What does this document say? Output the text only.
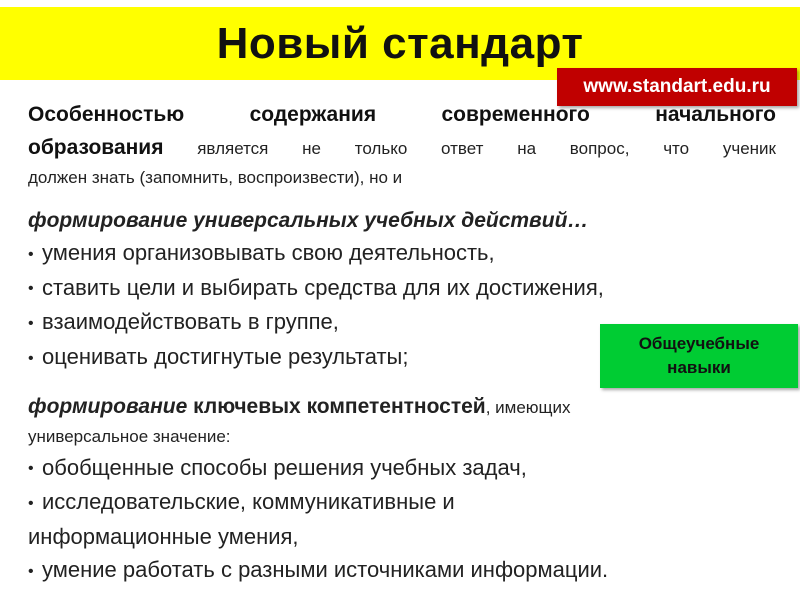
Новый стандарт
www.standart.edu.ru

Особенностью содержания современного начального
образования является не только ответ на вопрос, что ученик
должен знать (запомнить, воспроизвести), но и

формирование универсальных учебных действий…
• умения организовывать свою деятельность,
• ставить цели и выбирать средства для их достижения,
• взаимодействовать в группе,
• оценивать достигнутые результаты;
формирование ключевых компетентностей, имеющих
универсальное значение:
• обобщенные способы решения учебных задач,
• исследовательские, коммуникативные и
информационные умения,
• умение работать с разными источниками информации.
Общеучебные
навыки
